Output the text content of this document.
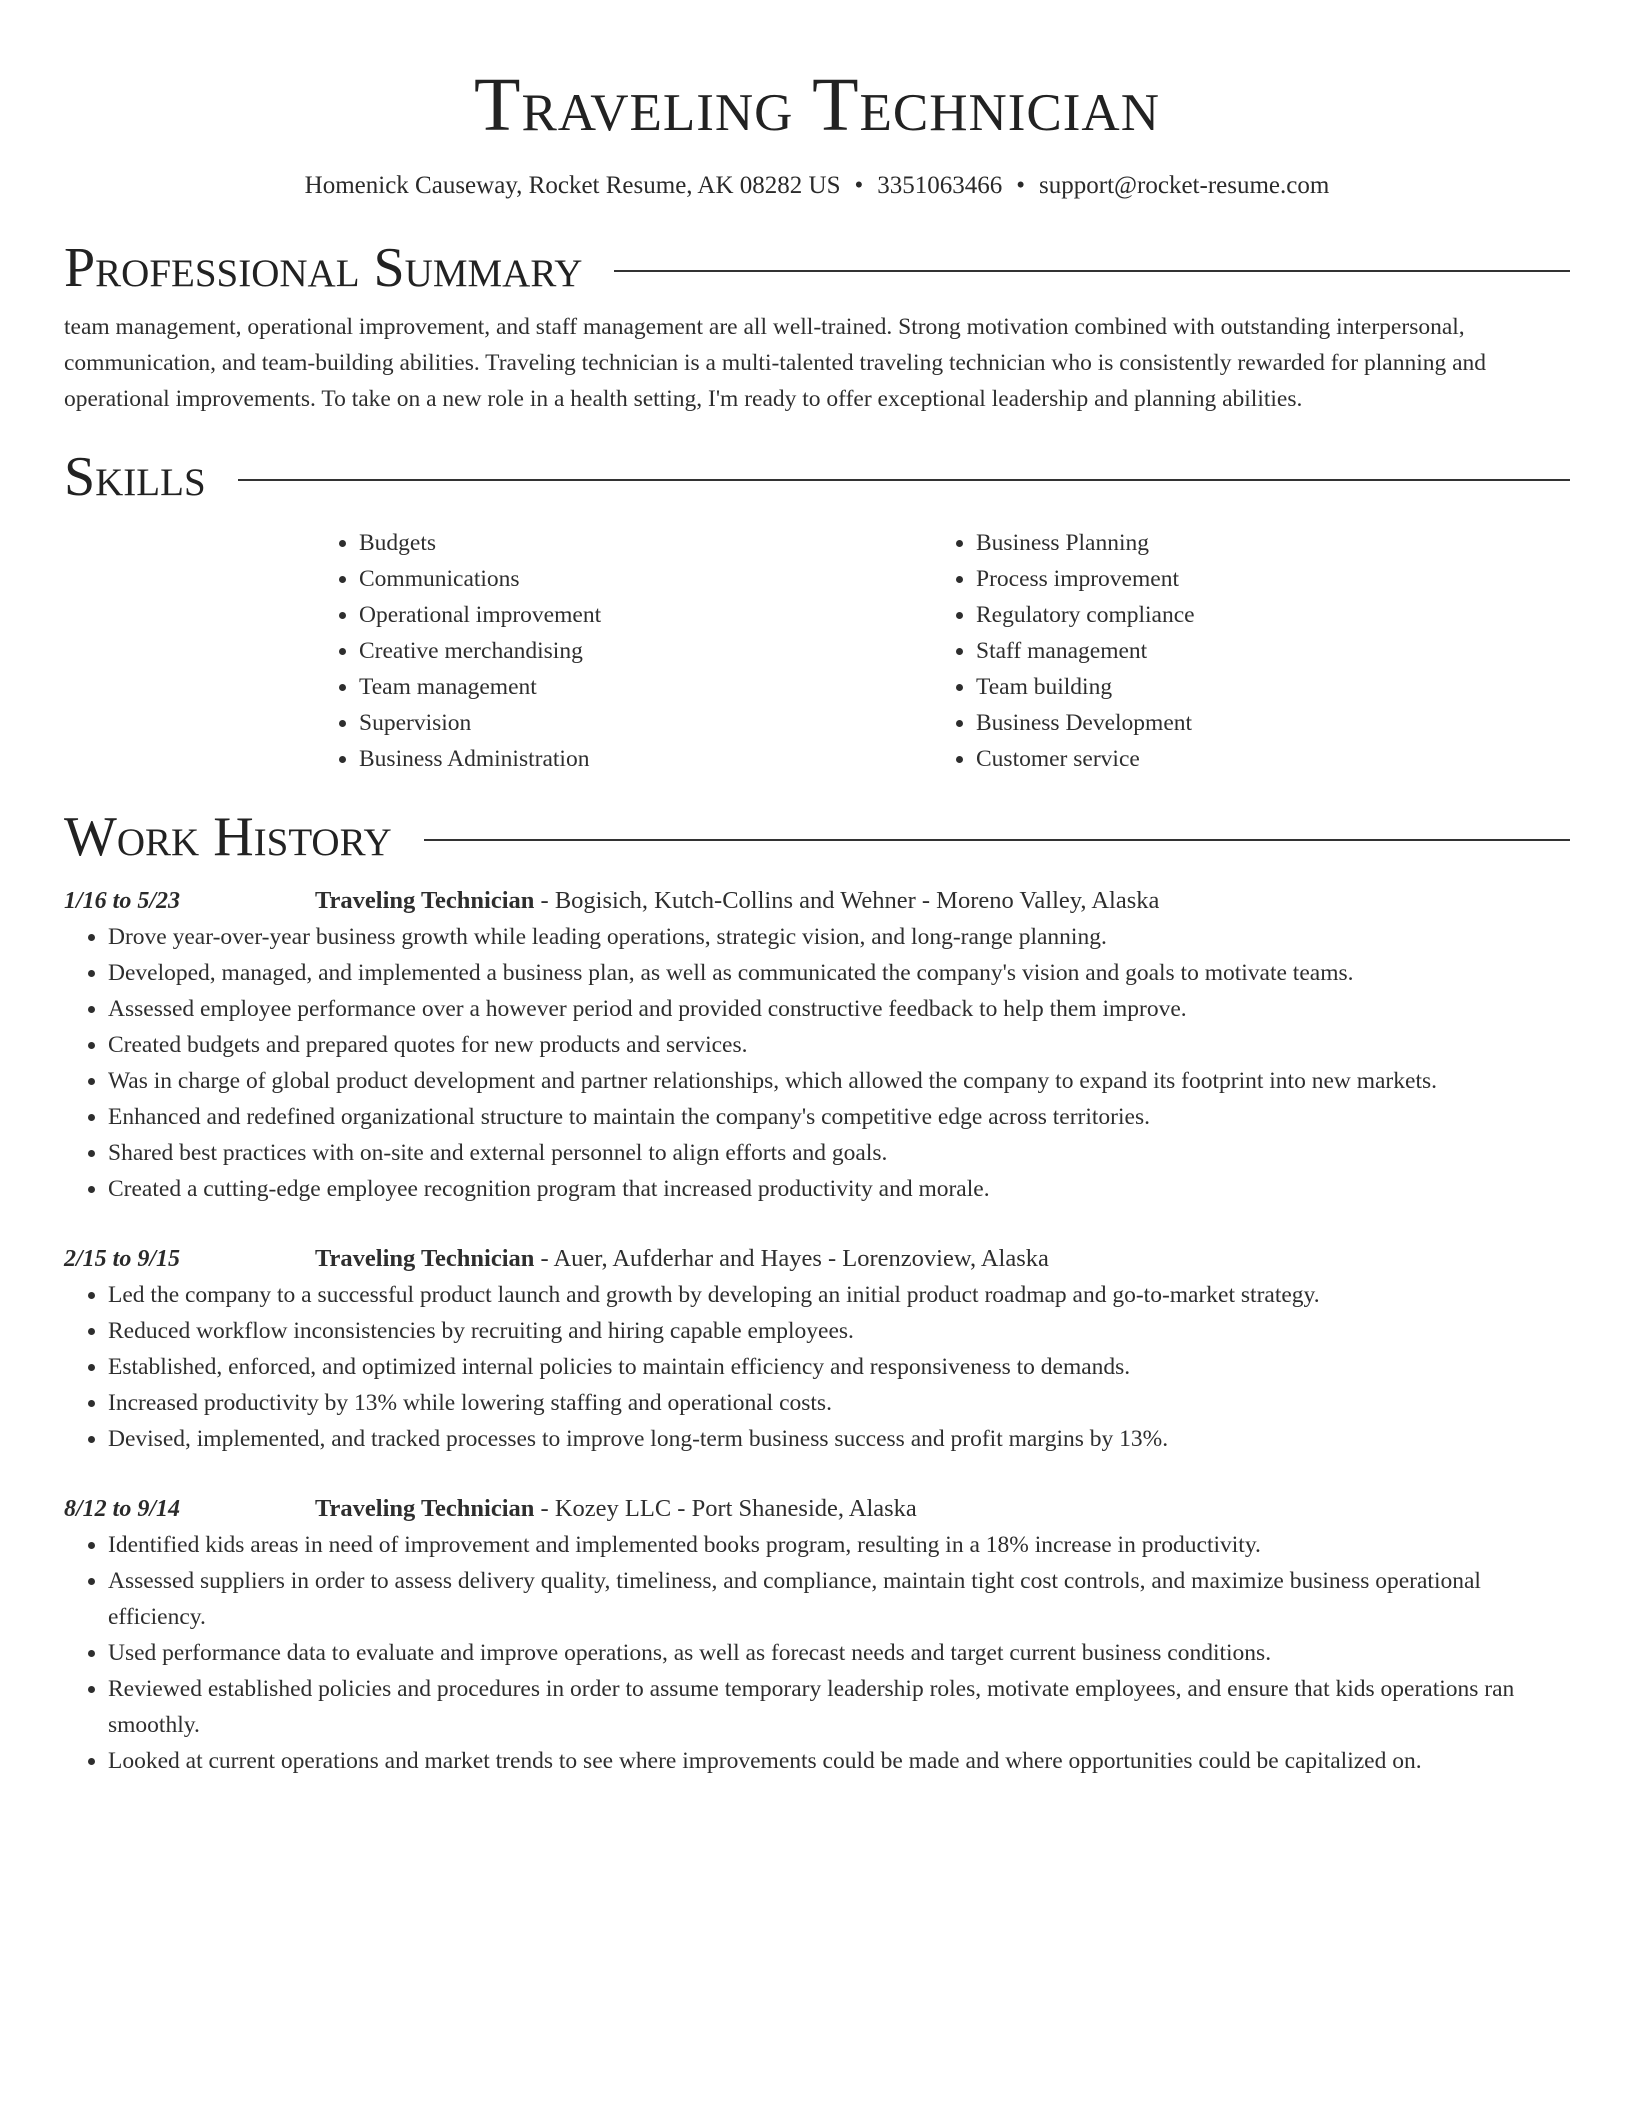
Traveling Technician
Homenick Causeway, Rocket Resume, AK 08282 US • 3351063466 • support@rocket-resume.com
Professional Summary

team management, operational improvement, and staff management are all well-trained. Strong motivation combined with outstanding interpersonal, communication, and team-building abilities. Traveling technician is a multi-talented traveling technician who is consistently rewarded for planning and operational improvements. To take on a new role in a health setting, I'm ready to offer exceptional leadership and planning abilities.

Skills
• Budgets
• Communications
• Operational improvement
• Creative merchandising
• Team management
• Supervision
• Business Administration
• Business Planning
• Process improvement
• Regulatory compliance
• Staff management
• Team building
• Business Development
• Customer service
Work History
1/16 to 5/23	Traveling Technician - Bogisich, Kutch-Collins and Wehner - Moreno Valley, Alaska
• Drove year-over-year business growth while leading operations, strategic vision, and long-range planning.
• Developed, managed, and implemented a business plan, as well as communicated the company's vision and goals to motivate teams.
• Assessed employee performance over a however period and provided constructive feedback to help them improve.
• Created budgets and prepared quotes for new products and services.
• Was in charge of global product development and partner relationships, which allowed the company to expand its footprint into new markets.
• Enhanced and redefined organizational structure to maintain the company's competitive edge across territories.
• Shared best practices with on-site and external personnel to align efforts and goals.
• Created a cutting-edge employee recognition program that increased productivity and morale.
2/15 to 9/15	Traveling Technician - Auer, Aufderhar and Hayes - Lorenzoview, Alaska
• Led the company to a successful product launch and growth by developing an initial product roadmap and go-to-market strategy.
• Reduced workflow inconsistencies by recruiting and hiring capable employees.
• Established, enforced, and optimized internal policies to maintain efficiency and responsiveness to demands.
• Increased productivity by 13% while lowering staffing and operational costs.
• Devised, implemented, and tracked processes to improve long-term business success and profit margins by 13%.
8/12 to 9/14	Traveling Technician - Kozey LLC - Port Shaneside, Alaska
• Identified kids areas in need of improvement and implemented books program, resulting in a 18% increase in productivity.
• Assessed suppliers in order to assess delivery quality, timeliness, and compliance, maintain tight cost controls, and maximize business operational efficiency.
• Used performance data to evaluate and improve operations, as well as forecast needs and target current business conditions.
• Reviewed established policies and procedures in order to assume temporary leadership roles, motivate employees, and ensure that kids operations ran smoothly.
• Looked at current operations and market trends to see where improvements could be made and where opportunities could be capitalized on.
